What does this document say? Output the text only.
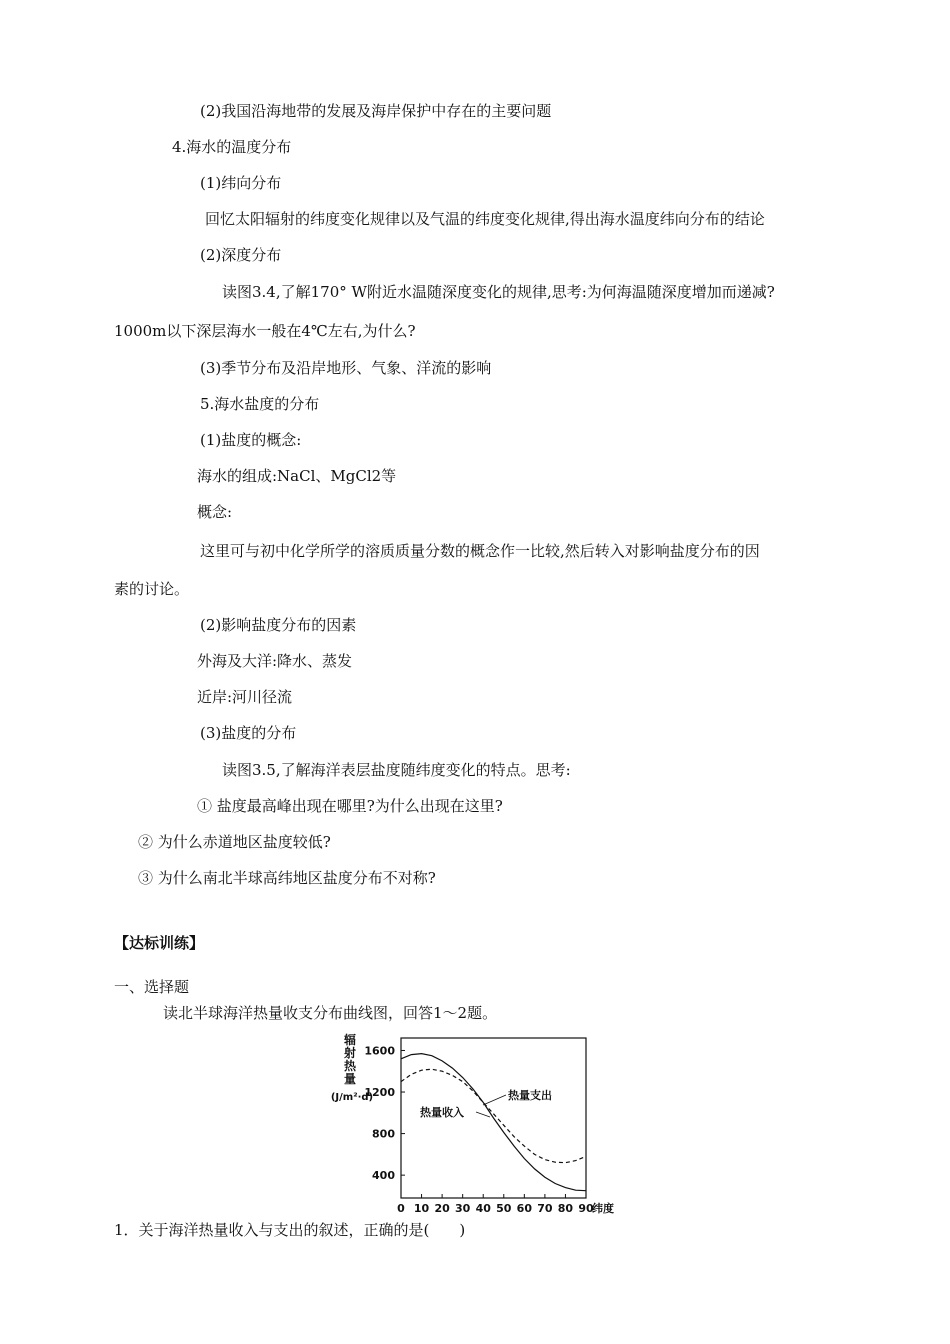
(2)我国沿海地带的发展及海岸保护中存在的主要问题
4.海水的温度分布
(1)纬向分布
回忆太阳辐射的纬度变化规律以及气温的纬度变化规律,得出海水温度纬向分布的结论
(2)深度分布
读图3.4,了解170° W附近水温随深度变化的规律,思考:为何海温随深度增加而递减?
1000m以下深层海水一般在4℃左右,为什么?
(3)季节分布及沿岸地形、气象、洋流的影响
5.海水盐度的分布
(1)盐度的概念:
海水的组成:NaCl、MgCl2等
概念:
这里可与初中化学所学的溶质质量分数的概念作一比较,然后转入对影响盐度分布的因
素的讨论。
(2)影响盐度分布的因素
外海及大洋:降水、蒸发
近岸:河川径流
(3)盐度的分布
读图3.5,了解海洋表层盐度随纬度变化的特点。思考:
① 盐度最高峰出现在哪里?为什么出现在这里?
② 为什么赤道地区盐度较低?
③ 为什么南北半球高纬地区盐度分布不对称?
【达标训练】
一、选择题
读北半球海洋热量收支分布曲线图，回答1～2题。
1．关于海洋热量收入与支出的叙述，正确的是(　　)
辐
射
热
量
(J/m²·d)
400
800
1200
1600
0 10 20 30 40 50 60 70 80 90
纬度
热量支出
热量收入
